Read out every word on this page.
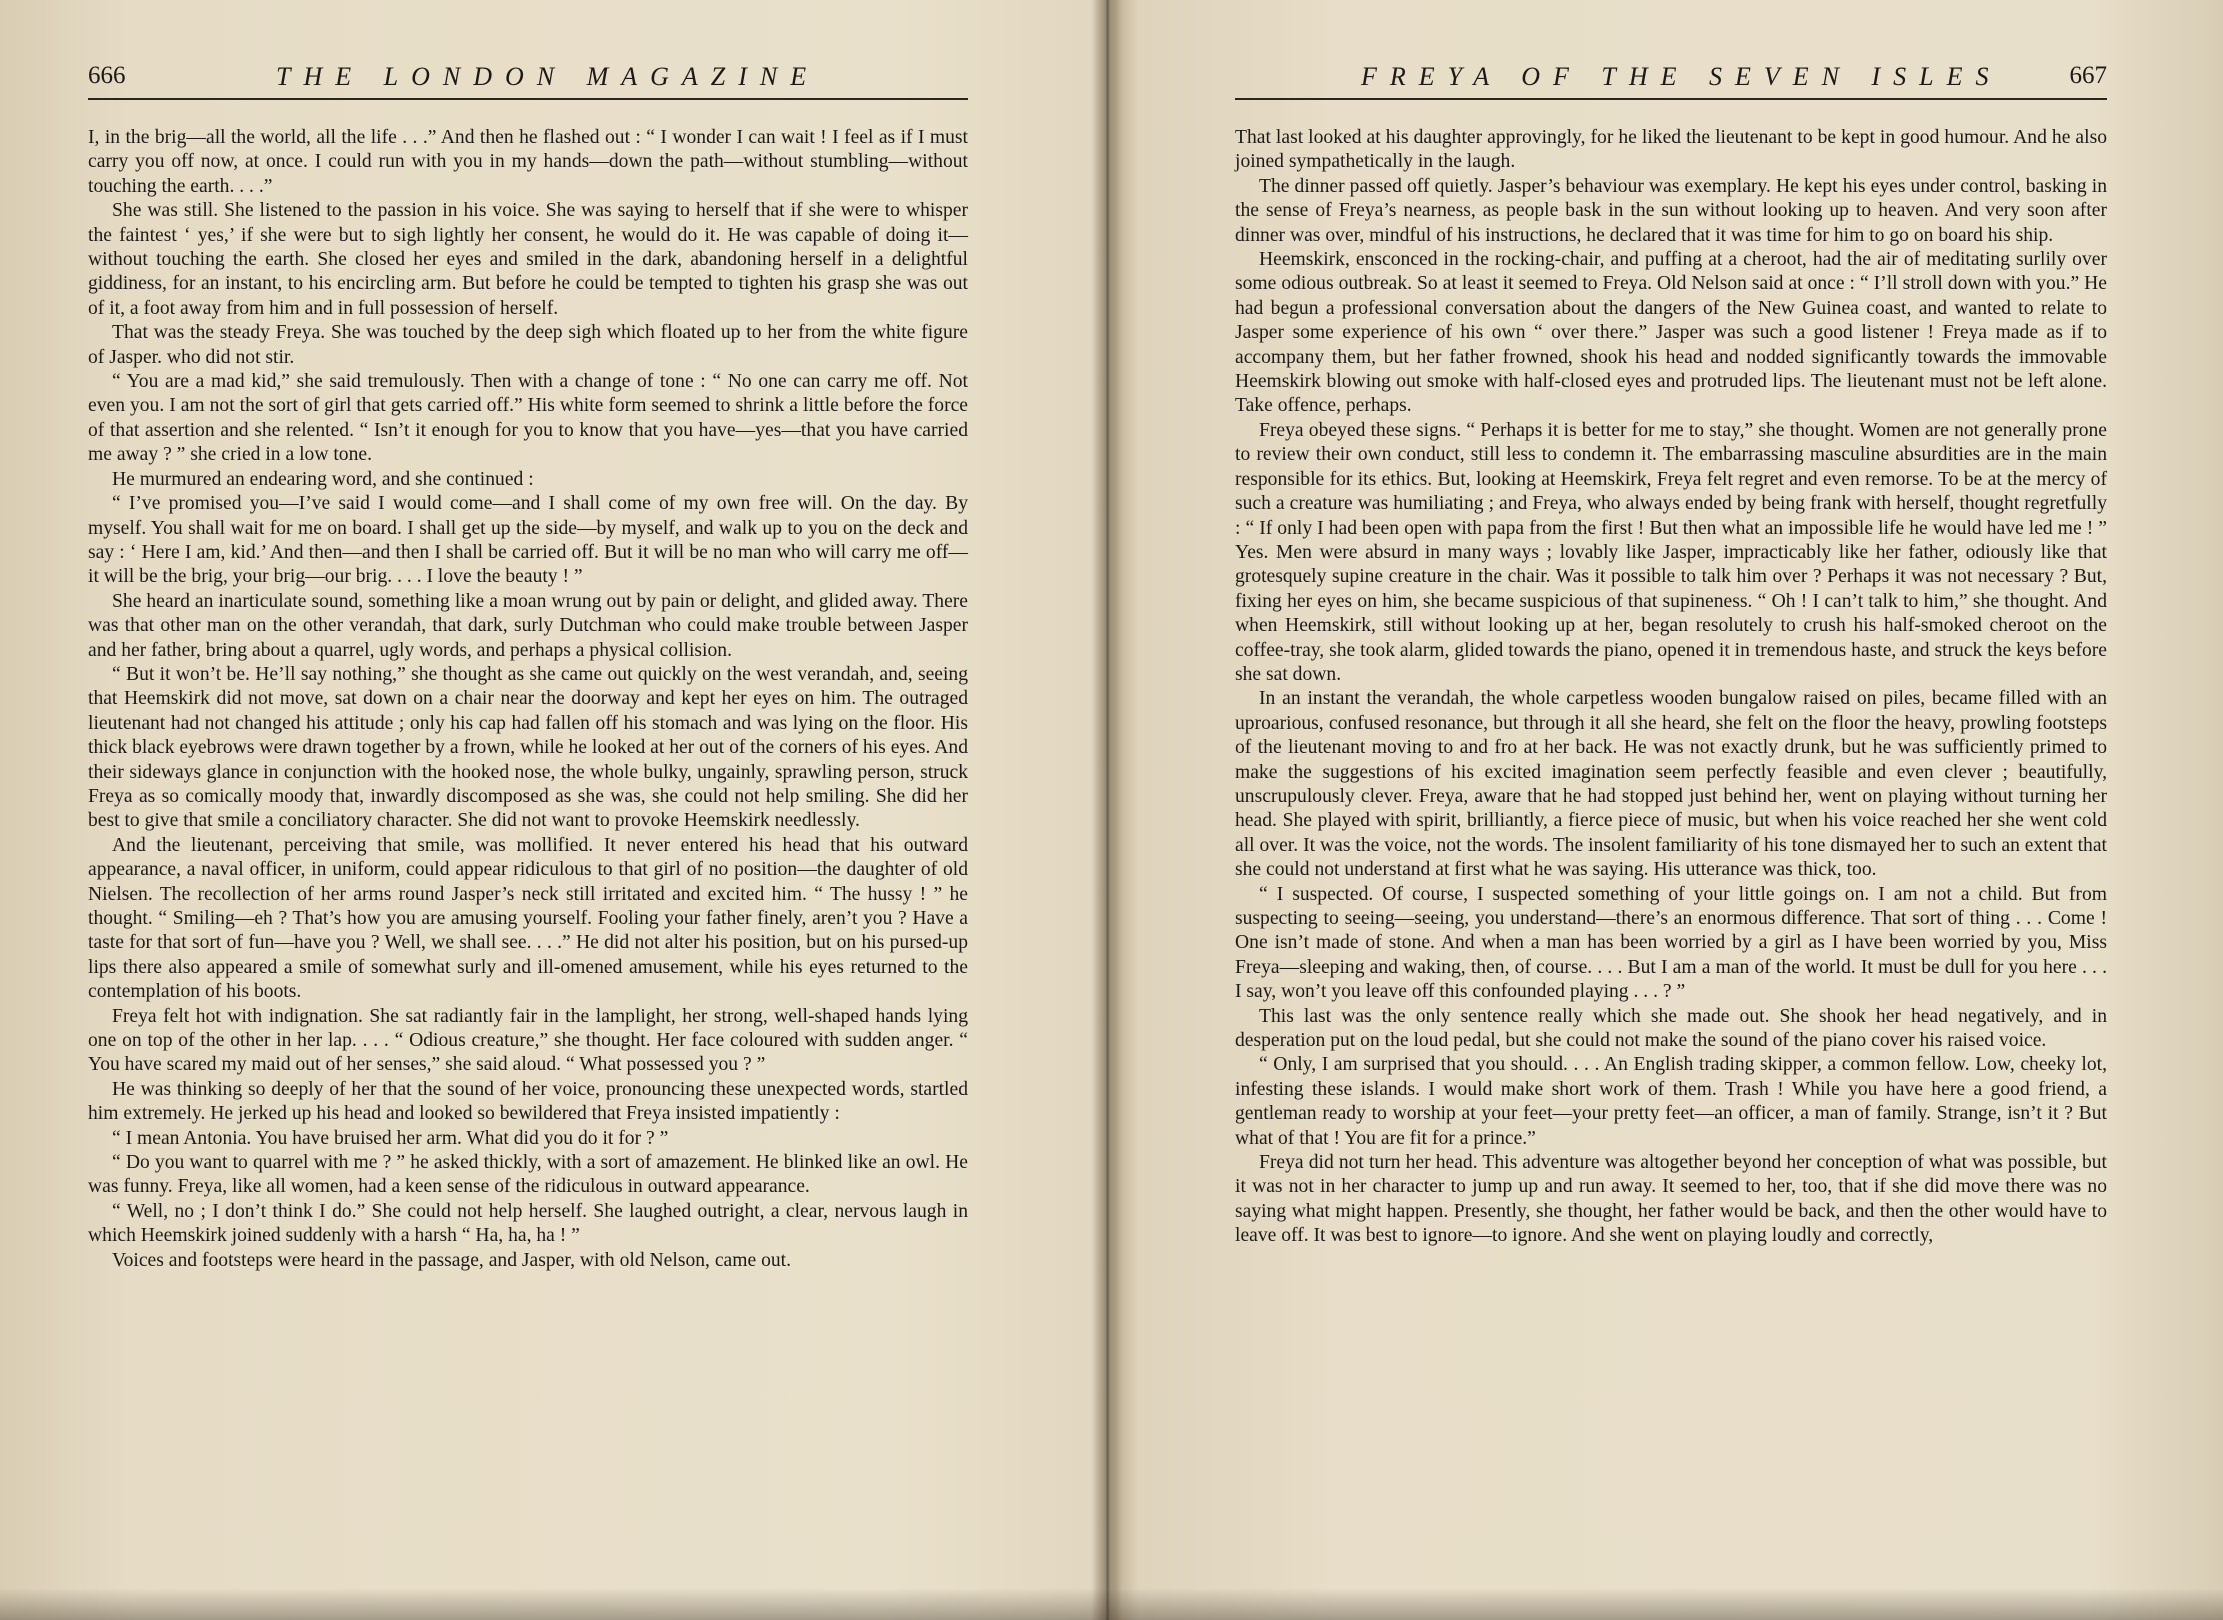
666	THE LONDON MAGAZINE

I, in the brig—all the world, all the life . . .” And then he flashed out : “ I wonder I can wait ! I feel as if I must carry you off now, at once. I could run with you in my hands—down the path—without stumbling—without touching the earth. . . .”

She was still. She listened to the passion in his voice. She was saying to herself that if she were to whisper the faintest ‘ yes,’ if she were but to sigh lightly her consent, he would do it. He was capable of doing it—without touching the earth. She closed her eyes and smiled in the dark, abandoning herself in a delightful giddiness, for an instant, to his encircling arm. But before he could be tempted to tighten his grasp she was out of it, a foot away from him and in full possession of herself.

That was the steady Freya. She was touched by the deep sigh which floated up to her from the white figure of Jasper. who did not stir.

“ You are a mad kid,” she said tremulously. Then with a change of tone : “ No one can carry me off. Not even you. I am not the sort of girl that gets carried off.” His white form seemed to shrink a little before the force of that assertion and she relented. “ Isn’t it enough for you to know that you have—yes—that you have carried me away ? ” she cried in a low tone.

He murmured an endearing word, and she continued :

“ I’ve promised you—I’ve said I would come—and I shall come of my own free will. On the day. By myself. You shall wait for me on board. I shall get up the side—by myself, and walk up to you on the deck and say : ‘ Here I am, kid.’ And then—and then I shall be carried off. But it will be no man who will carry me off—it will be the brig, your brig—our brig. . . . I love the beauty ! ”

She heard an inarticulate sound, something like a moan wrung out by pain or delight, and glided away. There was that other man on the other verandah, that dark, surly Dutchman who could make trouble between Jasper and her father, bring about a quarrel, ugly words, and perhaps a physical collision.

“ But it won’t be. He’ll say nothing,” she thought as she came out quickly on the west verandah, and, seeing that Heemskirk did not move, sat down on a chair near the doorway and kept her eyes on him. The outraged lieutenant had not changed his attitude ; only his cap had fallen off his stomach and was lying on the floor. His thick black eyebrows were drawn together by a frown, while he looked at her out of the corners of his eyes. And their sideways glance in conjunction with the hooked nose, the whole bulky, ungainly, sprawling person, struck Freya as so comically moody that, inwardly discomposed as she was, she could not help smiling. She did her best to give that smile a conciliatory character. She did not want to provoke Heemskirk needlessly.

And the lieutenant, perceiving that smile, was mollified. It never entered his head that his outward appearance, a naval officer, in uniform, could appear ridiculous to that girl of no position—the daughter of old Nielsen. The recollection of her arms round Jasper’s neck still irritated and excited him. “ The hussy ! ” he thought. “ Smiling—eh ? That’s how you are amusing yourself. Fooling your father finely, aren’t you ? Have a taste for that sort of fun—have you ? Well, we shall see. . . .” He did not alter his position, but on his pursed-up lips there also appeared a smile of somewhat surly and ill-omened amusement, while his eyes returned to the contemplation of his boots.

Freya felt hot with indignation. She sat radiantly fair in the lamplight, her strong, well-shaped hands lying one on top of the other in her lap. . . . “ Odious creature,” she thought. Her face coloured with sudden anger. “ You have scared my maid out of her senses,” she said aloud. “ What possessed you ? ”

He was thinking so deeply of her that the sound of her voice, pronouncing these unexpected words, startled him extremely. He jerked up his head and looked so bewildered that Freya insisted impatiently :

“ I mean Antonia. You have bruised her arm. What did you do it for ? ”

“ Do you want to quarrel with me ? ” he asked thickly, with a sort of amazement. He blinked like an owl. He was funny. Freya, like all women, had a keen sense of the ridiculous in outward appearance.

“ Well, no ; I don’t think I do.” She could not help herself. She laughed outright, a clear, nervous laugh in which Heemskirk joined suddenly with a harsh “ Ha, ha, ha ! ”

Voices and footsteps were heard in the passage, and Jasper, with old Nelson, came out.

FREYA OF THE SEVEN ISLES	667

That last looked at his daughter approvingly, for he liked the lieutenant to be kept in good humour. And he also joined sympathetically in the laugh.

The dinner passed off quietly. Jasper’s behaviour was exemplary. He kept his eyes under control, basking in the sense of Freya’s nearness, as people bask in the sun without looking up to heaven. And very soon after dinner was over, mindful of his instructions, he declared that it was time for him to go on board his ship.

Heemskirk, ensconced in the rocking-chair, and puffing at a cheroot, had the air of meditating surlily over some odious outbreak. So at least it seemed to Freya. Old Nelson said at once : “ I’ll stroll down with you.” He had begun a professional conversation about the dangers of the New Guinea coast, and wanted to relate to Jasper some experience of his own “ over there.” Jasper was such a good listener ! Freya made as if to accompany them, but her father frowned, shook his head and nodded significantly towards the immovable Heemskirk blowing out smoke with half-closed eyes and protruded lips. The lieutenant must not be left alone. Take offence, perhaps.

Freya obeyed these signs. “ Perhaps it is better for me to stay,” she thought. Women are not generally prone to review their own conduct, still less to condemn it. The embarrassing masculine absurdities are in the main responsible for its ethics. But, looking at Heemskirk, Freya felt regret and even remorse. To be at the mercy of such a creature was humiliating ; and Freya, who always ended by being frank with herself, thought regretfully : “ If only I had been open with papa from the first ! But then what an impossible life he would have led me ! ” Yes. Men were absurd in many ways ; lovably like Jasper, impracticably like her father, odiously like that grotesquely supine creature in the chair. Was it possible to talk him over ? Perhaps it was not necessary ? But, fixing her eyes on him, she became suspicious of that supineness. “ Oh ! I can’t talk to him,” she thought. And when Heemskirk, still without looking up at her, began resolutely to crush his half-smoked cheroot on the coffee-tray, she took alarm, glided towards the piano, opened it in tremendous haste, and struck the keys before she sat down.

In an instant the verandah, the whole carpetless wooden bungalow raised on piles, became filled with an uproarious, confused resonance, but through it all she heard, she felt on the floor the heavy, prowling footsteps of the lieutenant moving to and fro at her back. He was not exactly drunk, but he was sufficiently primed to make the suggestions of his excited imagination seem perfectly feasible and even clever ; beautifully, unscrupulously clever. Freya, aware that he had stopped just behind her, went on playing without turning her head. She played with spirit, brilliantly, a fierce piece of music, but when his voice reached her she went cold all over. It was the voice, not the words. The insolent familiarity of his tone dismayed her to such an extent that she could not understand at first what he was saying. His utterance was thick, too.

“ I suspected. Of course, I suspected something of your little goings on. I am not a child. But from suspecting to seeing—seeing, you understand—there’s an enormous difference. That sort of thing . . . Come ! One isn’t made of stone. And when a man has been worried by a girl as I have been worried by you, Miss Freya—sleeping and waking, then, of course. . . . But I am a man of the world. It must be dull for you here . . . I say, won’t you leave off this confounded playing . . . ? ”

This last was the only sentence really which she made out. She shook her head negatively, and in desperation put on the loud pedal, but she could not make the sound of the piano cover his raised voice.

“ Only, I am surprised that you should. . . . An English trading skipper, a common fellow. Low, cheeky lot, infesting these islands. I would make short work of them. Trash ! While you have here a good friend, a gentleman ready to worship at your feet—your pretty feet—an officer, a man of family. Strange, isn’t it ? But what of that ! You are fit for a prince.”

Freya did not turn her head. This adventure was altogether beyond her conception of what was possible, but it was not in her character to jump up and run away. It seemed to her, too, that if she did move there was no saying what might happen. Presently, she thought, her father would be back, and then the other would have to leave off. It was best to ignore—to ignore. And she went on playing loudly and correctly,
